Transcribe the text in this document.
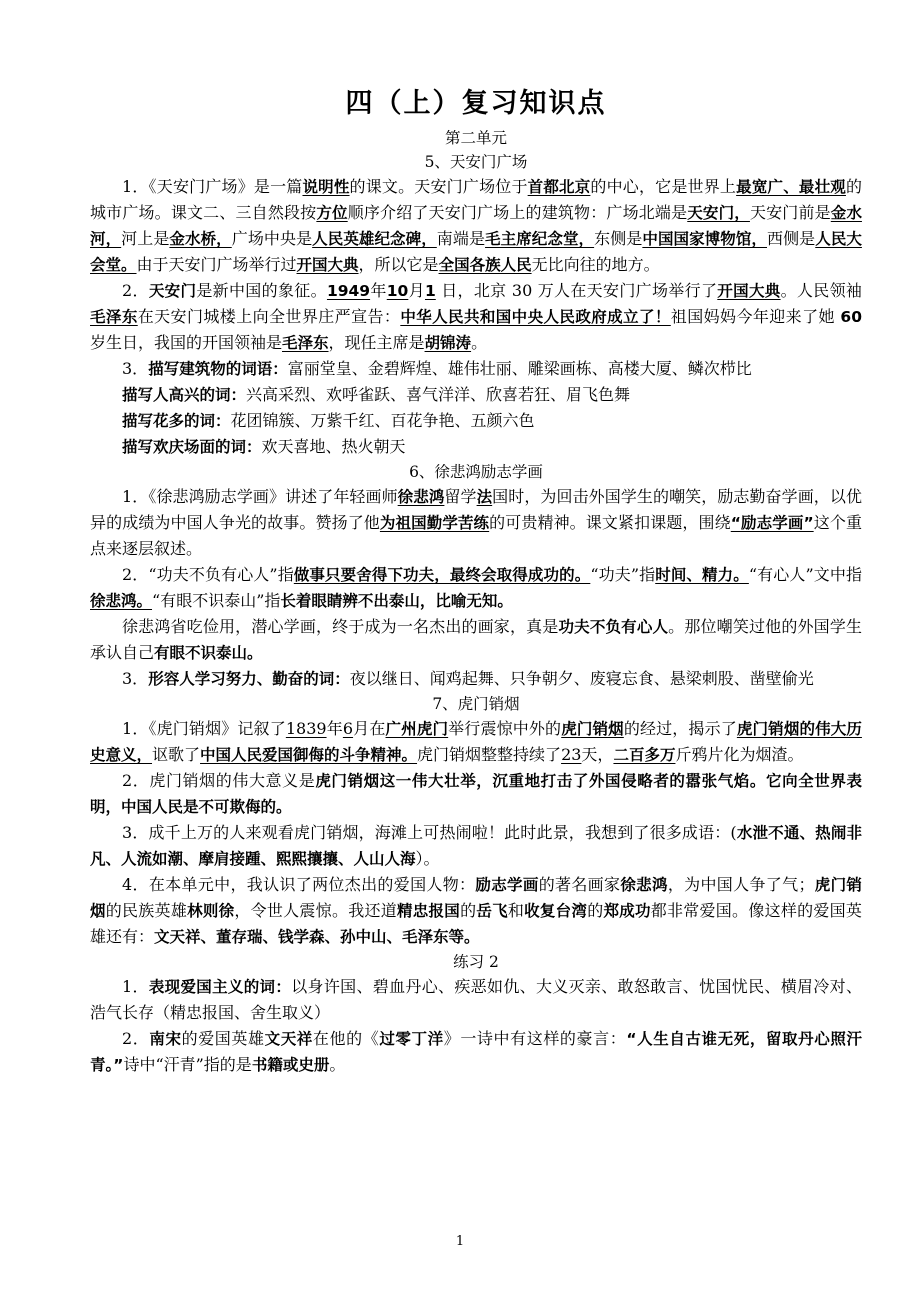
四（上）复习知识点
第二单元
5、天安门广场

1．《天安门广场》是一篇说明性的课文。天安门广场位于首都北京的中心，它是世界上最宽广、最壮观的城市广场。课文二、三自然段按方位顺序介绍了天安门广场上的建筑物：广场北端是天安门，天安门前是金水河，河上是金水桥，广场中央是人民英雄纪念碑，南端是毛主席纪念堂，东侧是中国国家博物馆，西侧是人民大会堂。由于天安门广场举行过开国大典，所以它是全国各族人民无比向往的地方。

2．天安门是新中国的象征。1949年10月1 日，北京 30 万人在天安门广场举行了开国大典。人民领袖毛泽东在天安门城楼上向全世界庄严宣告：中华人民共和国中央人民政府成立了！祖国妈妈今年迎来了她 60 岁生日，我国的开国领袖是毛泽东，现任主席是胡锦涛。

3．描写建筑物的词语：富丽堂皇、金碧辉煌、雄伟壮丽、雕梁画栋、高楼大厦、鳞次栉比

描写人高兴的词：兴高采烈、欢呼雀跃、喜气洋洋、欣喜若狂、眉飞色舞

描写花多的词：花团锦簇、万紫千红、百花争艳、五颜六色

描写欢庆场面的词：欢天喜地、热火朝天

6、徐悲鸿励志学画

1．《徐悲鸿励志学画》讲述了年轻画师徐悲鸿留学法国时，为回击外国学生的嘲笑，励志勤奋学画，以优异的成绩为中国人争光的故事。赞扬了他为祖国勤学苦练的可贵精神。课文紧扣课题，围绕“励志学画”这个重点来逐层叙述。

2．“功夫不负有心人”指做事只要舍得下功夫，最终会取得成功的。“功夫”指时间、精力。“有心人”文中指徐悲鸿。“有眼不识泰山”指长着眼睛辨不出泰山，比喻无知。

徐悲鸿省吃俭用，潜心学画，终于成为一名杰出的画家，真是功夫不负有心人。那位嘲笑过他的外国学生承认自己有眼不识泰山。

3．形容人学习努力、勤奋的词：夜以继日、闻鸡起舞、只争朝夕、废寝忘食、悬梁刺股、凿壁偷光

7、虎门销烟

1．《虎门销烟》记叙了1839年6月在广州虎门举行震惊中外的虎门销烟的经过，揭示了虎门销烟的伟大历史意义，讴歌了中国人民爱国御侮的斗争精神。虎门销烟整整持续了23天，二百多万斤鸦片化为烟渣。

2．虎门销烟的伟大意义是虎门销烟这一伟大壮举，沉重地打击了外国侵略者的嚣张气焰。它向全世界表明，中国人民是不可欺侮的。

3．成千上万的人来观看虎门销烟，海滩上可热闹啦！此时此景，我想到了很多成语：(水泄不通、热闹非凡、人流如潮、摩肩接踵、熙熙攘攘、人山人海）。

4．在本单元中，我认识了两位杰出的爱国人物：励志学画的著名画家徐悲鸿，为中国人争了气；虎门销烟的民族英雄林则徐，令世人震惊。我还道精忠报国的岳飞和收复台湾的郑成功都非常爱国。像这样的爱国英雄还有：文天祥、董存瑞、钱学森、孙中山、毛泽东等。

练习 2

1．表现爱国主义的词：以身许国、碧血丹心、疾恶如仇、大义灭亲、敢怒敢言、忧国忧民、横眉冷对、浩气长存（精忠报国、舍生取义）

2．南宋的爱国英雄文天祥在他的《过零丁洋》一诗中有这样的豪言：“人生自古谁无死，留取丹心照汗青。”诗中“汗青”指的是书籍或史册。

1
